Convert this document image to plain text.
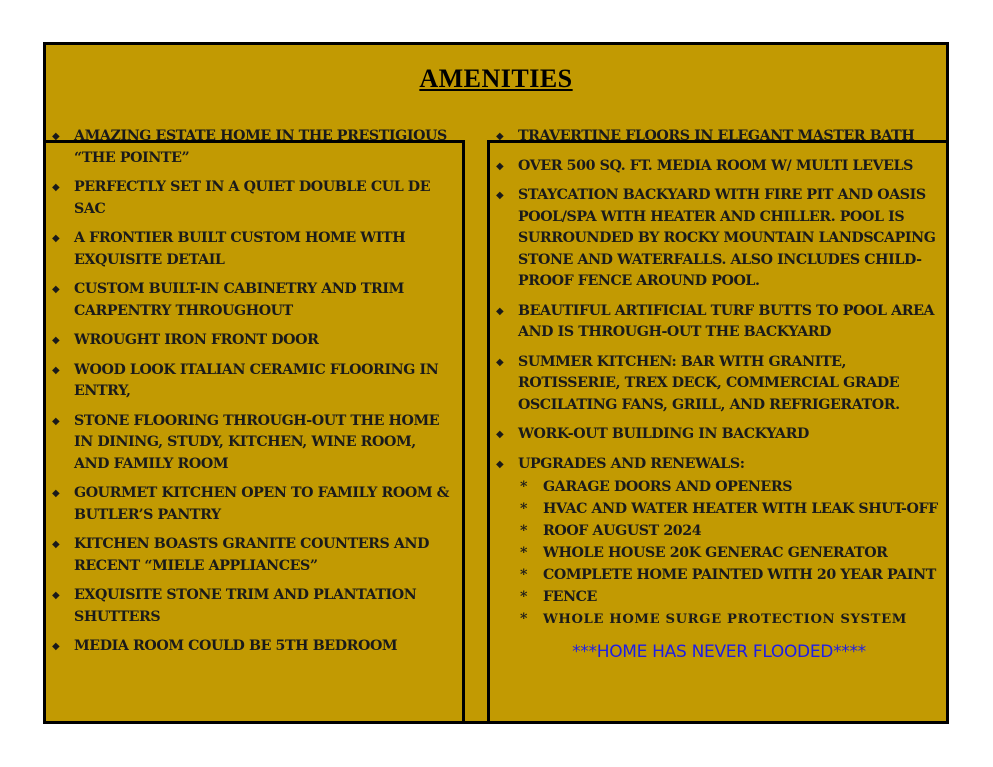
AMENITIES
◆ AMAZING ESTATE HOME IN THE PRESTIGIOUS “THE POINTE”
◆ PERFECTLY SET IN A QUIET DOUBLE CUL DE SAC
◆ A FRONTIER BUILT CUSTOM HOME WITH EXQUISITE DETAIL
◆ CUSTOM BUILT-IN CABINETRY AND TRIM CARPENTRY THROUGHOUT
◆ WROUGHT IRON FRONT DOOR
◆ WOOD LOOK ITALIAN CERAMIC FLOORING IN ENTRY,
◆ STONE FLOORING THROUGH-OUT THE HOME IN DINING, STUDY, KITCHEN, WINE ROOM, AND FAMILY ROOM
◆ GOURMET KITCHEN OPEN TO FAMILY ROOM & BUTLER’S PANTRY
◆ KITCHEN BOASTS GRANITE COUNTERS AND RECENT “MIELE APPLIANCES”
◆ EXQUISITE STONE TRIM AND PLANTATION SHUTTERS
◆ MEDIA ROOM COULD BE 5TH BEDROOM
◆ TRAVERTINE FLOORS IN ELEGANT MASTER BATH
◆ OVER 500 SQ. FT. MEDIA ROOM W/ MULTI LEVELS
◆ STAYCATION BACKYARD WITH FIRE PIT AND OASIS POOL/SPA WITH HEATER AND CHILLER. POOL IS SURROUNDED BY ROCKY MOUNTAIN LANDSCAPING STONE AND WATERFALLS. ALSO INCLUDES CHILD-PROOF FENCE AROUND POOL.
◆ BEAUTIFUL ARTIFICIAL TURF BUTTS TO POOL AREA AND IS THROUGH-OUT THE BACKYARD
◆ SUMMER KITCHEN: BAR WITH GRANITE, ROTISSERIE, TREX DECK, COMMERCIAL GRADE OSCILATING FANS, GRILL, AND REFRIGERATOR.
◆ WORK-OUT BUILDING IN BACKYARD
◆ UPGRADES AND RENEWALS:
* GARAGE DOORS AND OPENERS
* HVAC AND WATER HEATER WITH LEAK SHUT-OFF
* ROOF AUGUST 2024
* WHOLE HOUSE 20K GENERAC GENERATOR
* COMPLETE HOME PAINTED WITH 20 YEAR PAINT
* FENCE
* WHOLE HOME SURGE PROTECTION SYSTEM
***HOME HAS NEVER FLOODED****
